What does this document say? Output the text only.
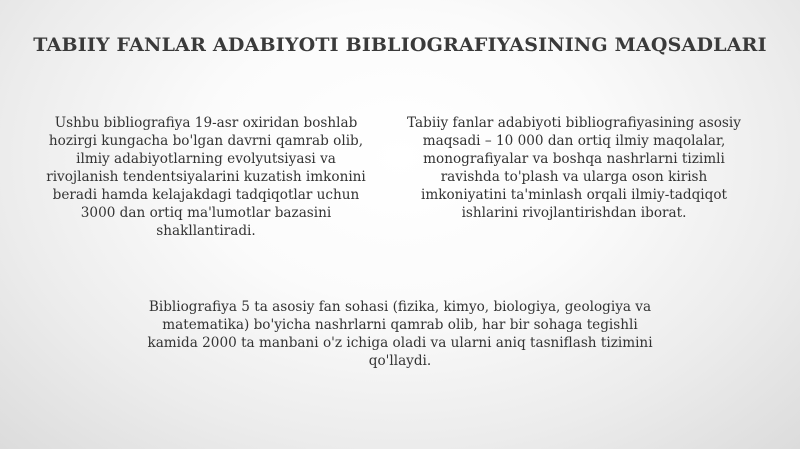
TABIIY FANLAR ADABIYOTI BIBLIOGRAFIYASINING MAQSADLARI

Ushbu bibliografiya 19-asr oxiridan boshlab hozirgi kungacha bo'lgan davrni qamrab olib, ilmiy adabiyotlarning evolyutsiyasi va rivojlanish tendentsiyalarini kuzatish imkonini beradi hamda kelajakdagi tadqiqotlar uchun 3000 dan ortiq ma'lumotlar bazasini shakllantiradi.

Tabiiy fanlar adabiyoti bibliografiyasining asosiy maqsadi – 10 000 dan ortiq ilmiy maqolalar, monografiyalar va boshqa nashrlarni tizimli ravishda to'plash va ularga oson kirish imkoniyatini ta'minlash orqali ilmiy-tadqiqot ishlarini rivojlantirishdan iborat.

Bibliografiya 5 ta asosiy fan sohasi (fizika, kimyo, biologiya, geologiya va matematika) bo'yicha nashrlarni qamrab olib, har bir sohaga tegishli kamida 2000 ta manbani o'z ichiga oladi va ularni aniq tasniflash tizimini qo'llaydi.
